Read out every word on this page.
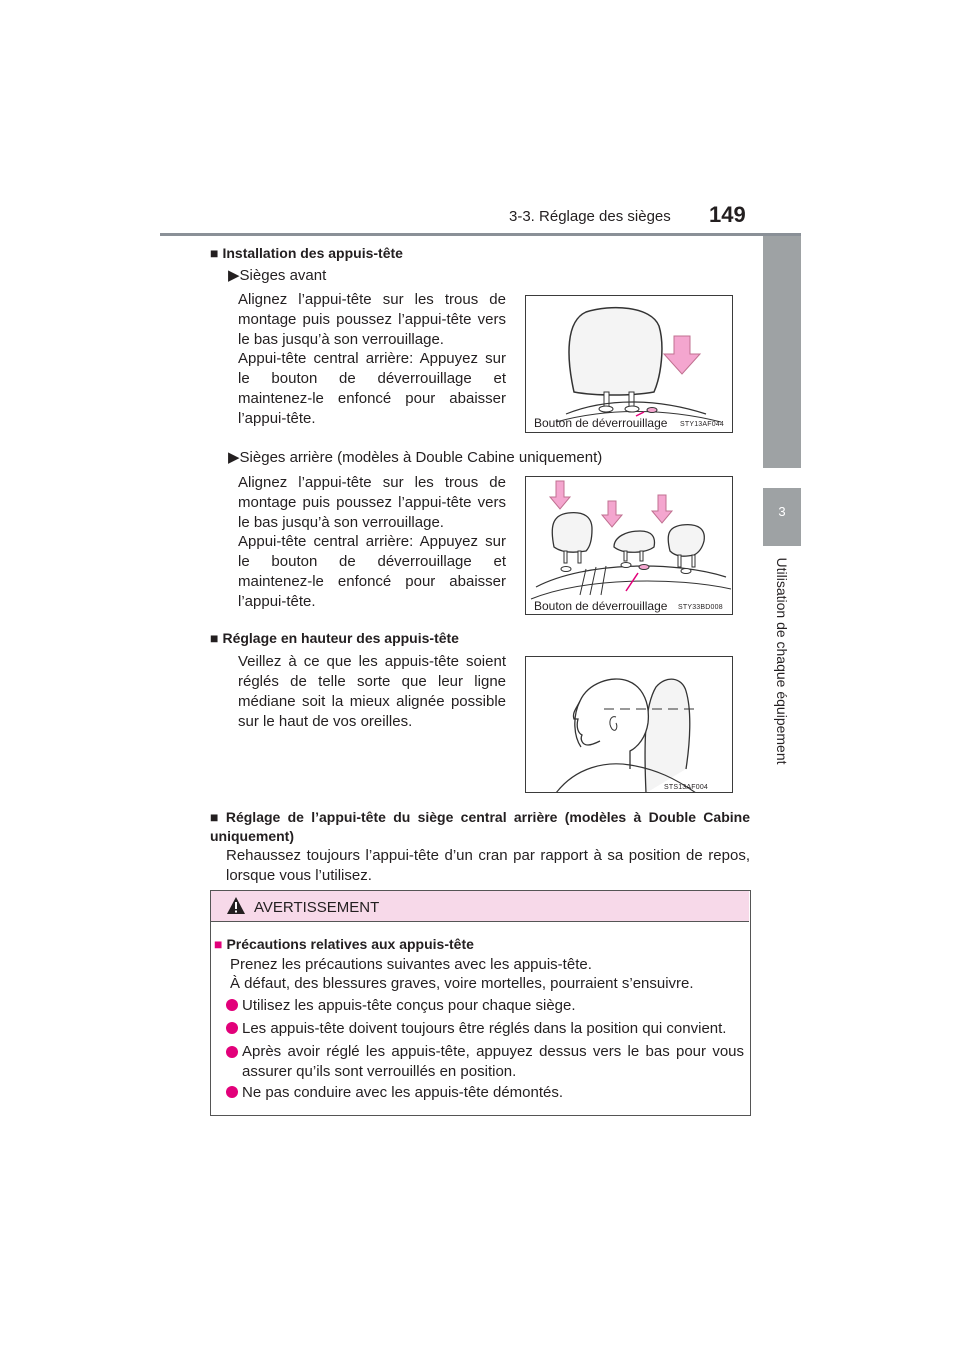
3-3. Réglage des sièges 149
3
Utilisation de chaque équipement
■ Installation des appuis-tête
▶Sièges avant
Alignez l’appui-tête sur les trous de montage puis poussez l’appui-tête vers le bas jusqu’à son verrouillage.
Appui-tête central arrière: Appuyez sur le bouton de déverrouillage et maintenez-le enfoncé pour abaisser l’appui-tête.	Bouton de déverrouillage STY13AF044
▶Sièges arrière (modèles à Double Cabine uniquement)
Alignez l’appui-tête sur les trous de montage puis poussez l’appui-tête vers le bas jusqu’à son verrouillage.
Appui-tête central arrière: Appuyez sur le bouton de déverrouillage et maintenez-le enfoncé pour abaisser l’appui-tête.	Bouton de déverrouillage STY33BD008
■ Réglage en hauteur des appuis-tête
Veillez à ce que les appuis-tête soient réglés de telle sorte que leur ligne médiane soit la mieux alignée possible sur le haut de vos oreilles.
STS13AF004
■ Réglage de l’appui-tête du siège central arrière (modèles à Double Cabine uniquement)
Rehaussez toujours l’appui-tête d’un cran par rapport à sa position de repos, lorsque vous l’utilisez.
AVERTISSEMENT
■ Précautions relatives aux appuis-tête
Prenez les précautions suivantes avec les appuis-tête.
À défaut, des blessures graves, voire mortelles, pourraient s’ensuivre.
Utilisez les appuis-tête conçus pour chaque siège.
Les appuis-tête doivent toujours être réglés dans la position qui convient.
Après avoir réglé les appuis-tête, appuyez dessus vers le bas pour vous assurer qu’ils sont verrouillés en position.
Ne pas conduire avec les appuis-tête démontés.
